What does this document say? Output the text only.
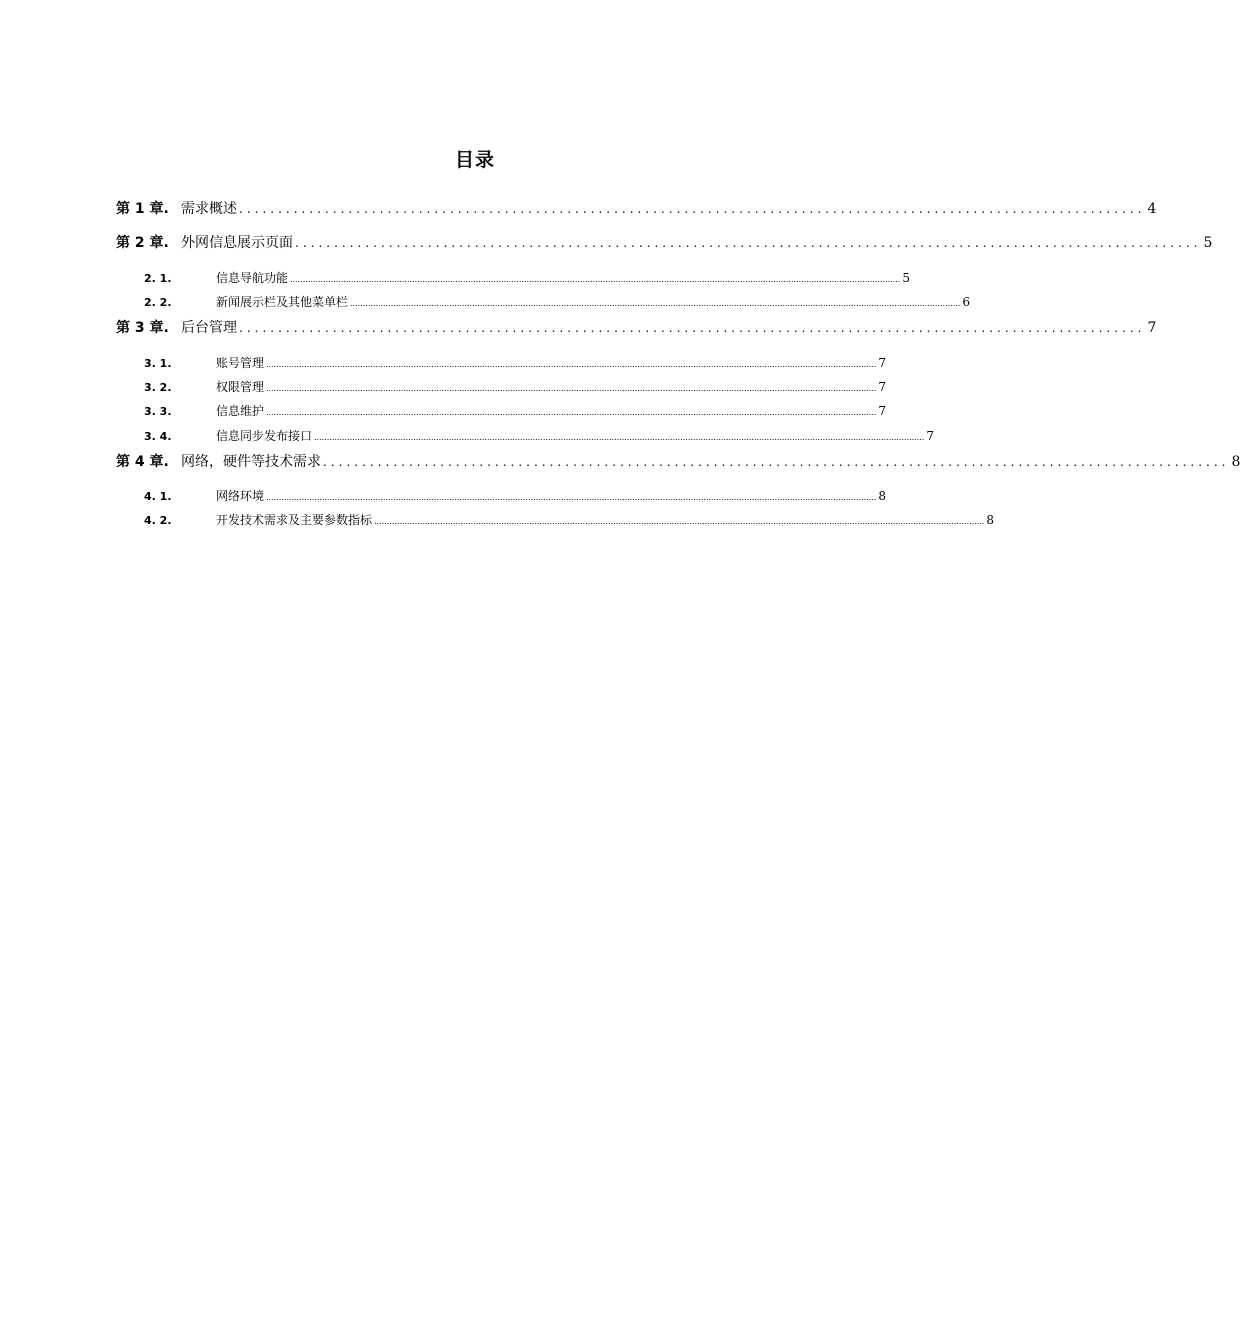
目录
第 1 章. 需求概述 .................................................................................................................... 4
第 2 章. 外网信息展示页面 .................................................................................................................... 5
2. 1.	信息导航功能 ................................................................................................................................................................................................................................................ 5
2. 2.	新闻展示栏及其他菜单栏 ................................................................................................................................................................................................................................................ 6
第 3 章. 后台管理 .................................................................................................................... 7
3. 1.	账号管理 ................................................................................................................................................................................................................................................ 7
3. 2.	权限管理 ................................................................................................................................................................................................................................................ 7
3. 3.	信息维护 ................................................................................................................................................................................................................................................ 7
3. 4.	信息同步发布接口 ................................................................................................................................................................................................................................................ 7
第 4 章. 网络，硬件等技术需求 .................................................................................................................... 8
4. 1.	网络环境 ................................................................................................................................................................................................................................................ 8
4. 2.	开发技术需求及主要参数指标 ................................................................................................................................................................................................................................................ 8
